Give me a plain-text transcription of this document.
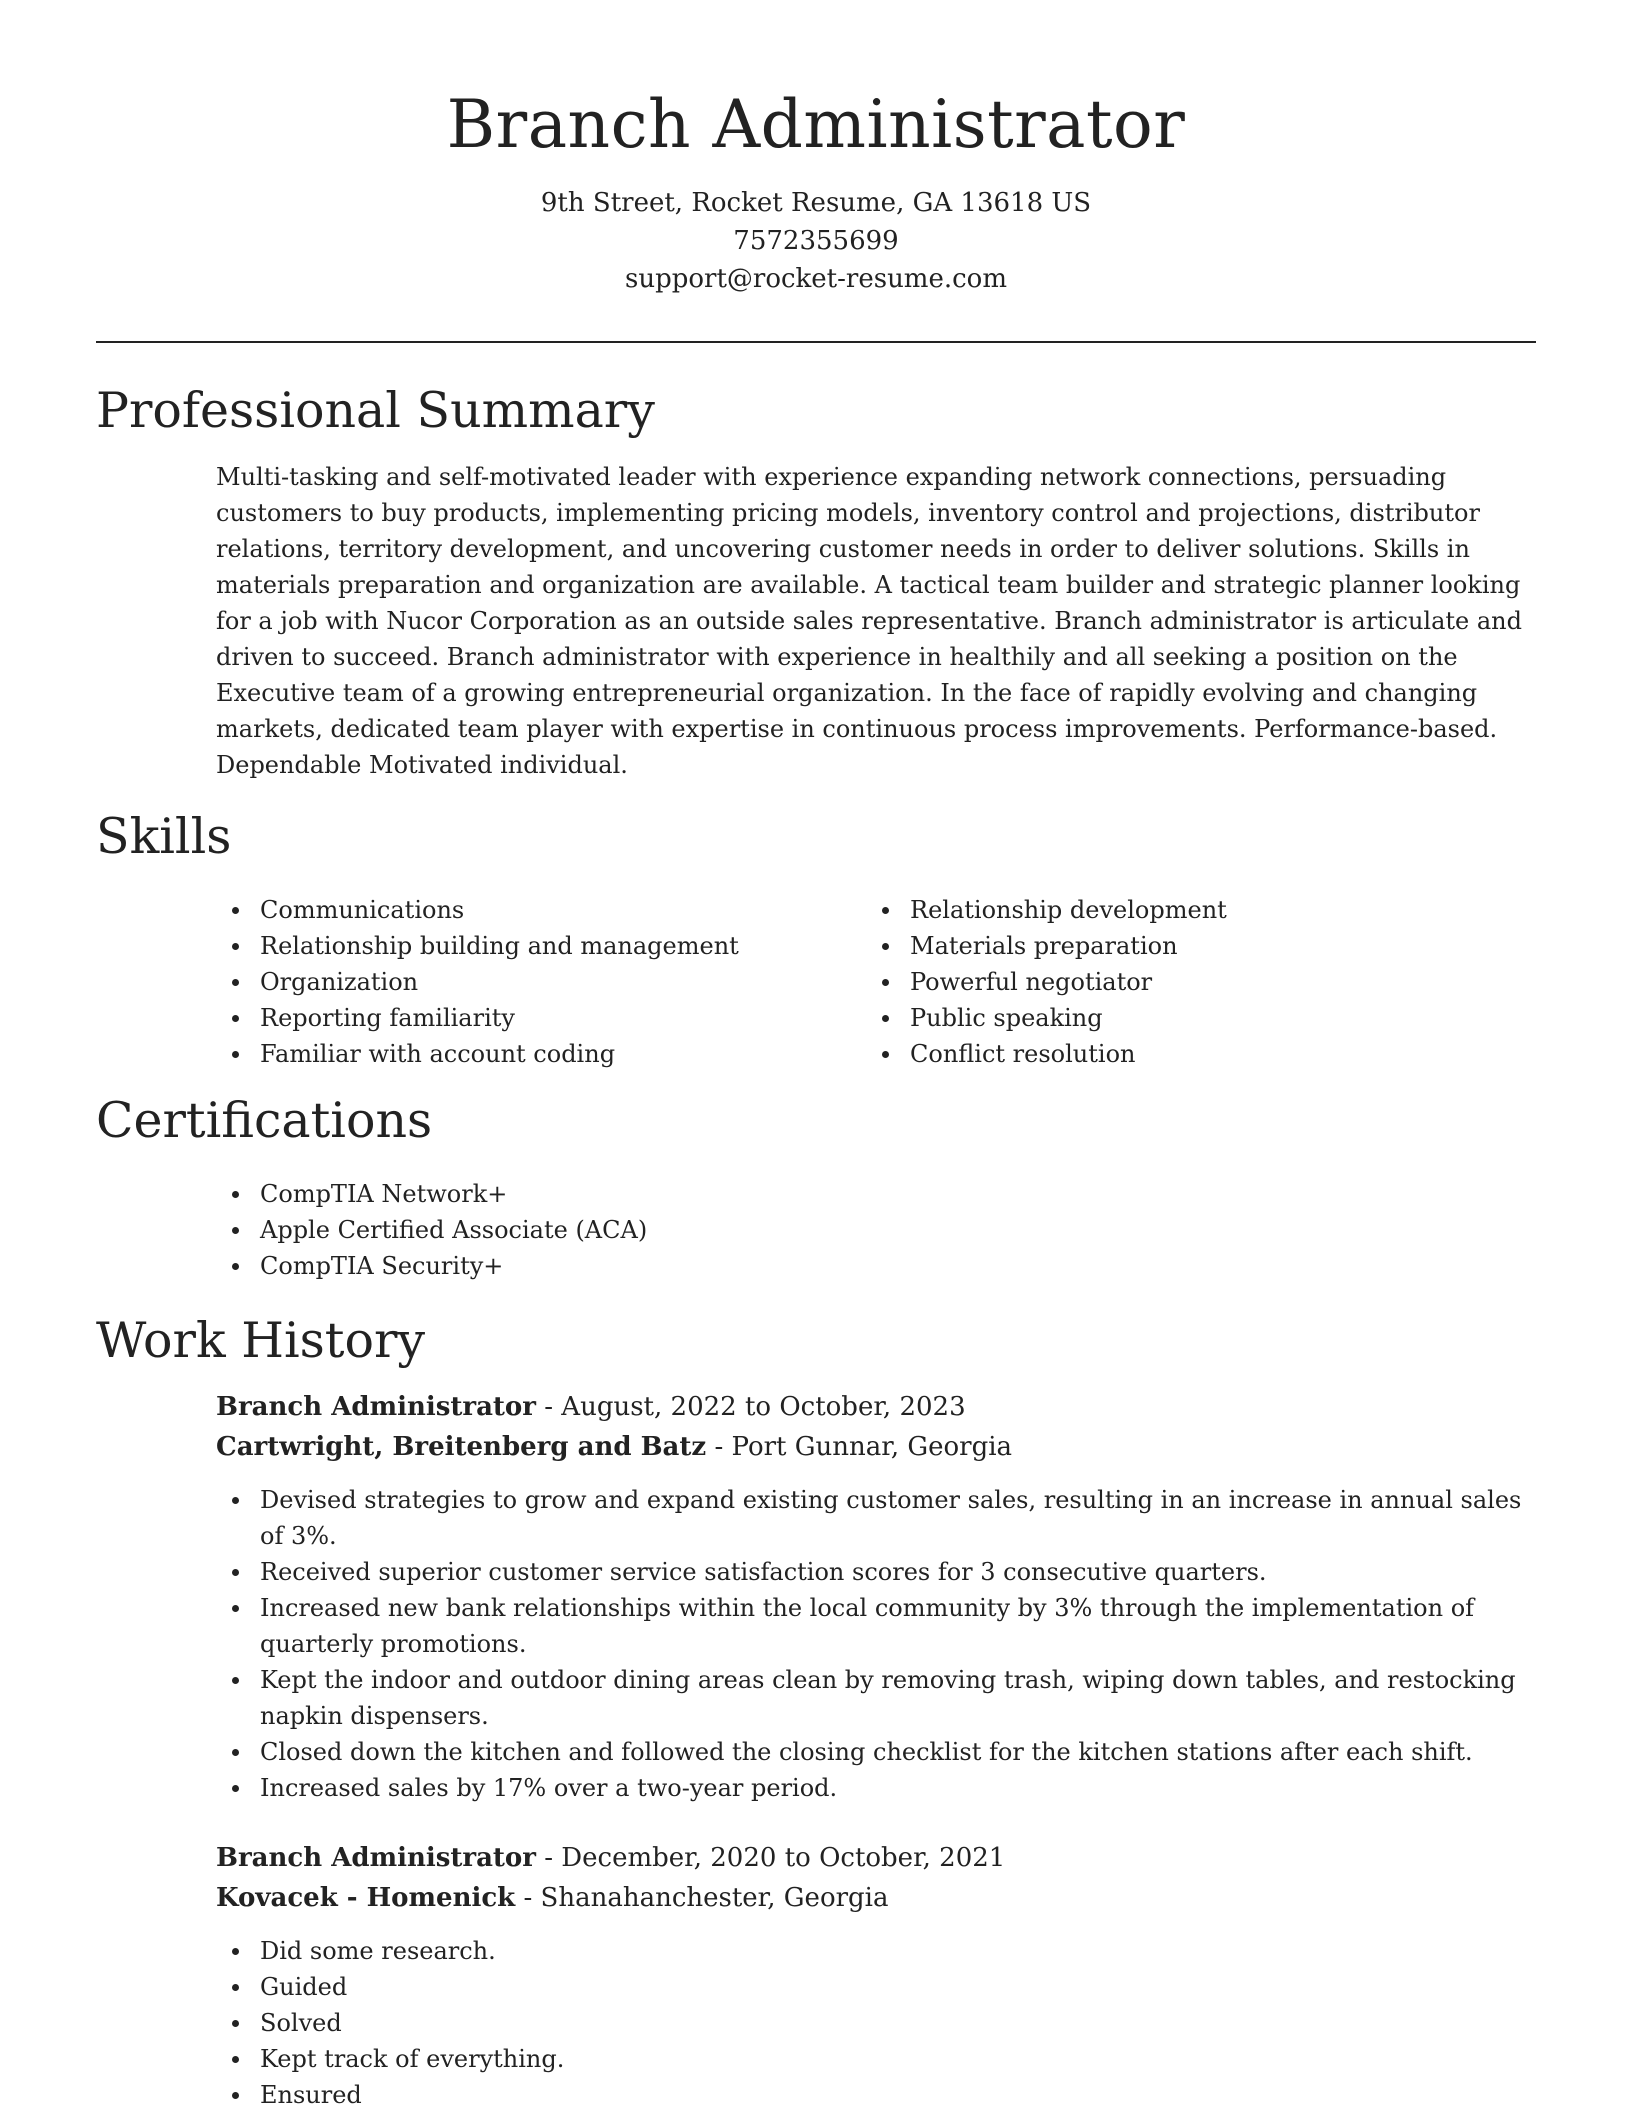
Branch Administrator
9th Street, Rocket Resume, GA 13618 US
7572355699
support@rocket-resume.com
Professional Summary

Multi-tasking and self-motivated leader with experience expanding network connections, persuading customers to buy products, implementing pricing models, inventory control and projections, distributor relations, territory development, and uncovering customer needs in order to deliver solutions. Skills in materials preparation and organization are available. A tactical team builder and strategic planner looking for a job with Nucor Corporation as an outside sales representative. Branch administrator is articulate and driven to succeed. Branch administrator with experience in healthily and all seeking a position on the Executive team of a growing entrepreneurial organization. In the face of rapidly evolving and changing markets, dedicated team player with expertise in continuous process improvements. Performance-based. Dependable Motivated individual.

Skills
Communications
Relationship building and management
Organization
Reporting familiarity
Familiar with account coding
Relationship development
Materials preparation
Powerful negotiator
Public speaking
Conflict resolution
Certifications
CompTIA Network+
Apple Certified Associate (ACA)
CompTIA Security+
Work History
Branch Administrator - August, 2022 to October, 2023
Cartwright, Breitenberg and Batz - Port Gunnar, Georgia
Devised strategies to grow and expand existing customer sales, resulting in an increase in annual sales of 3%.
Received superior customer service satisfaction scores for 3 consecutive quarters.
Increased new bank relationships within the local community by 3% through the implementation of quarterly promotions.
Kept the indoor and outdoor dining areas clean by removing trash, wiping down tables, and restocking napkin dispensers.
Closed down the kitchen and followed the closing checklist for the kitchen stations after each shift.
Increased sales by 17% over a two-year period.
Branch Administrator - December, 2020 to October, 2021
Kovacek - Homenick - Shanahanchester, Georgia
Did some research.
Guided
Solved
Kept track of everything.
Ensured
